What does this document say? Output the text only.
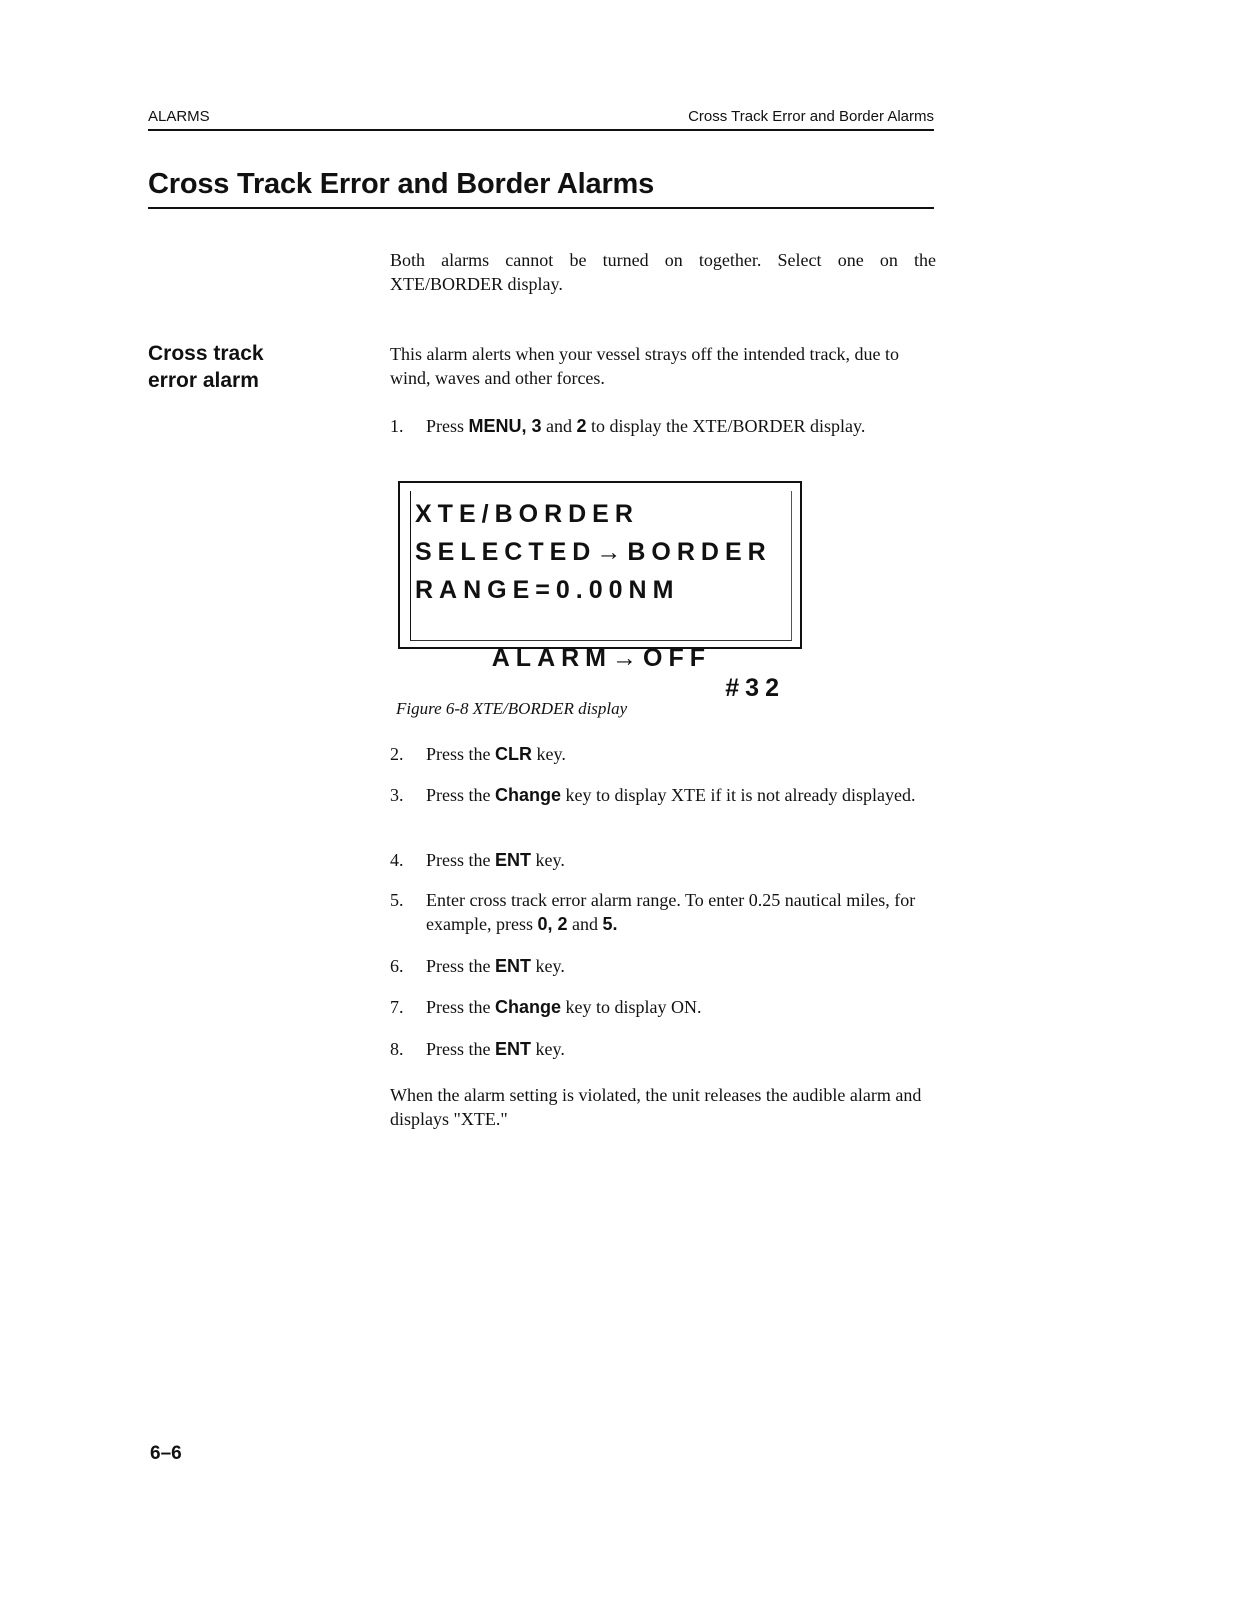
ALARMS	Cross Track Error and Border Alarms
Cross Track Error and Border Alarms
Both alarms cannot be turned on together. Select one on the XTE/BORDER display.
Cross track
error alarm
This alarm alerts when your vessel strays off the intended track, due to wind, waves and other forces.
1.	Press MENU, 3 and 2 to display the XTE/BORDER display.
XTE/BORDER
SELECTED→BORDER
RANGE=0.00NM

ALARM→OFF

#32

Figure 6-8 XTE/BORDER display
2.	Press the CLR key.
3.	Press the Change key to display XTE if it is not already displayed.
4.	Press the ENT key.
5.	Enter cross track error alarm range. To enter 0.25 nautical miles, for example, press 0, 2 and 5.
6.	Press the ENT key.
7.	Press the Change key to display ON.
8.	Press the ENT key.
When the alarm setting is violated, the unit releases the audible alarm and displays "XTE."
6–6
